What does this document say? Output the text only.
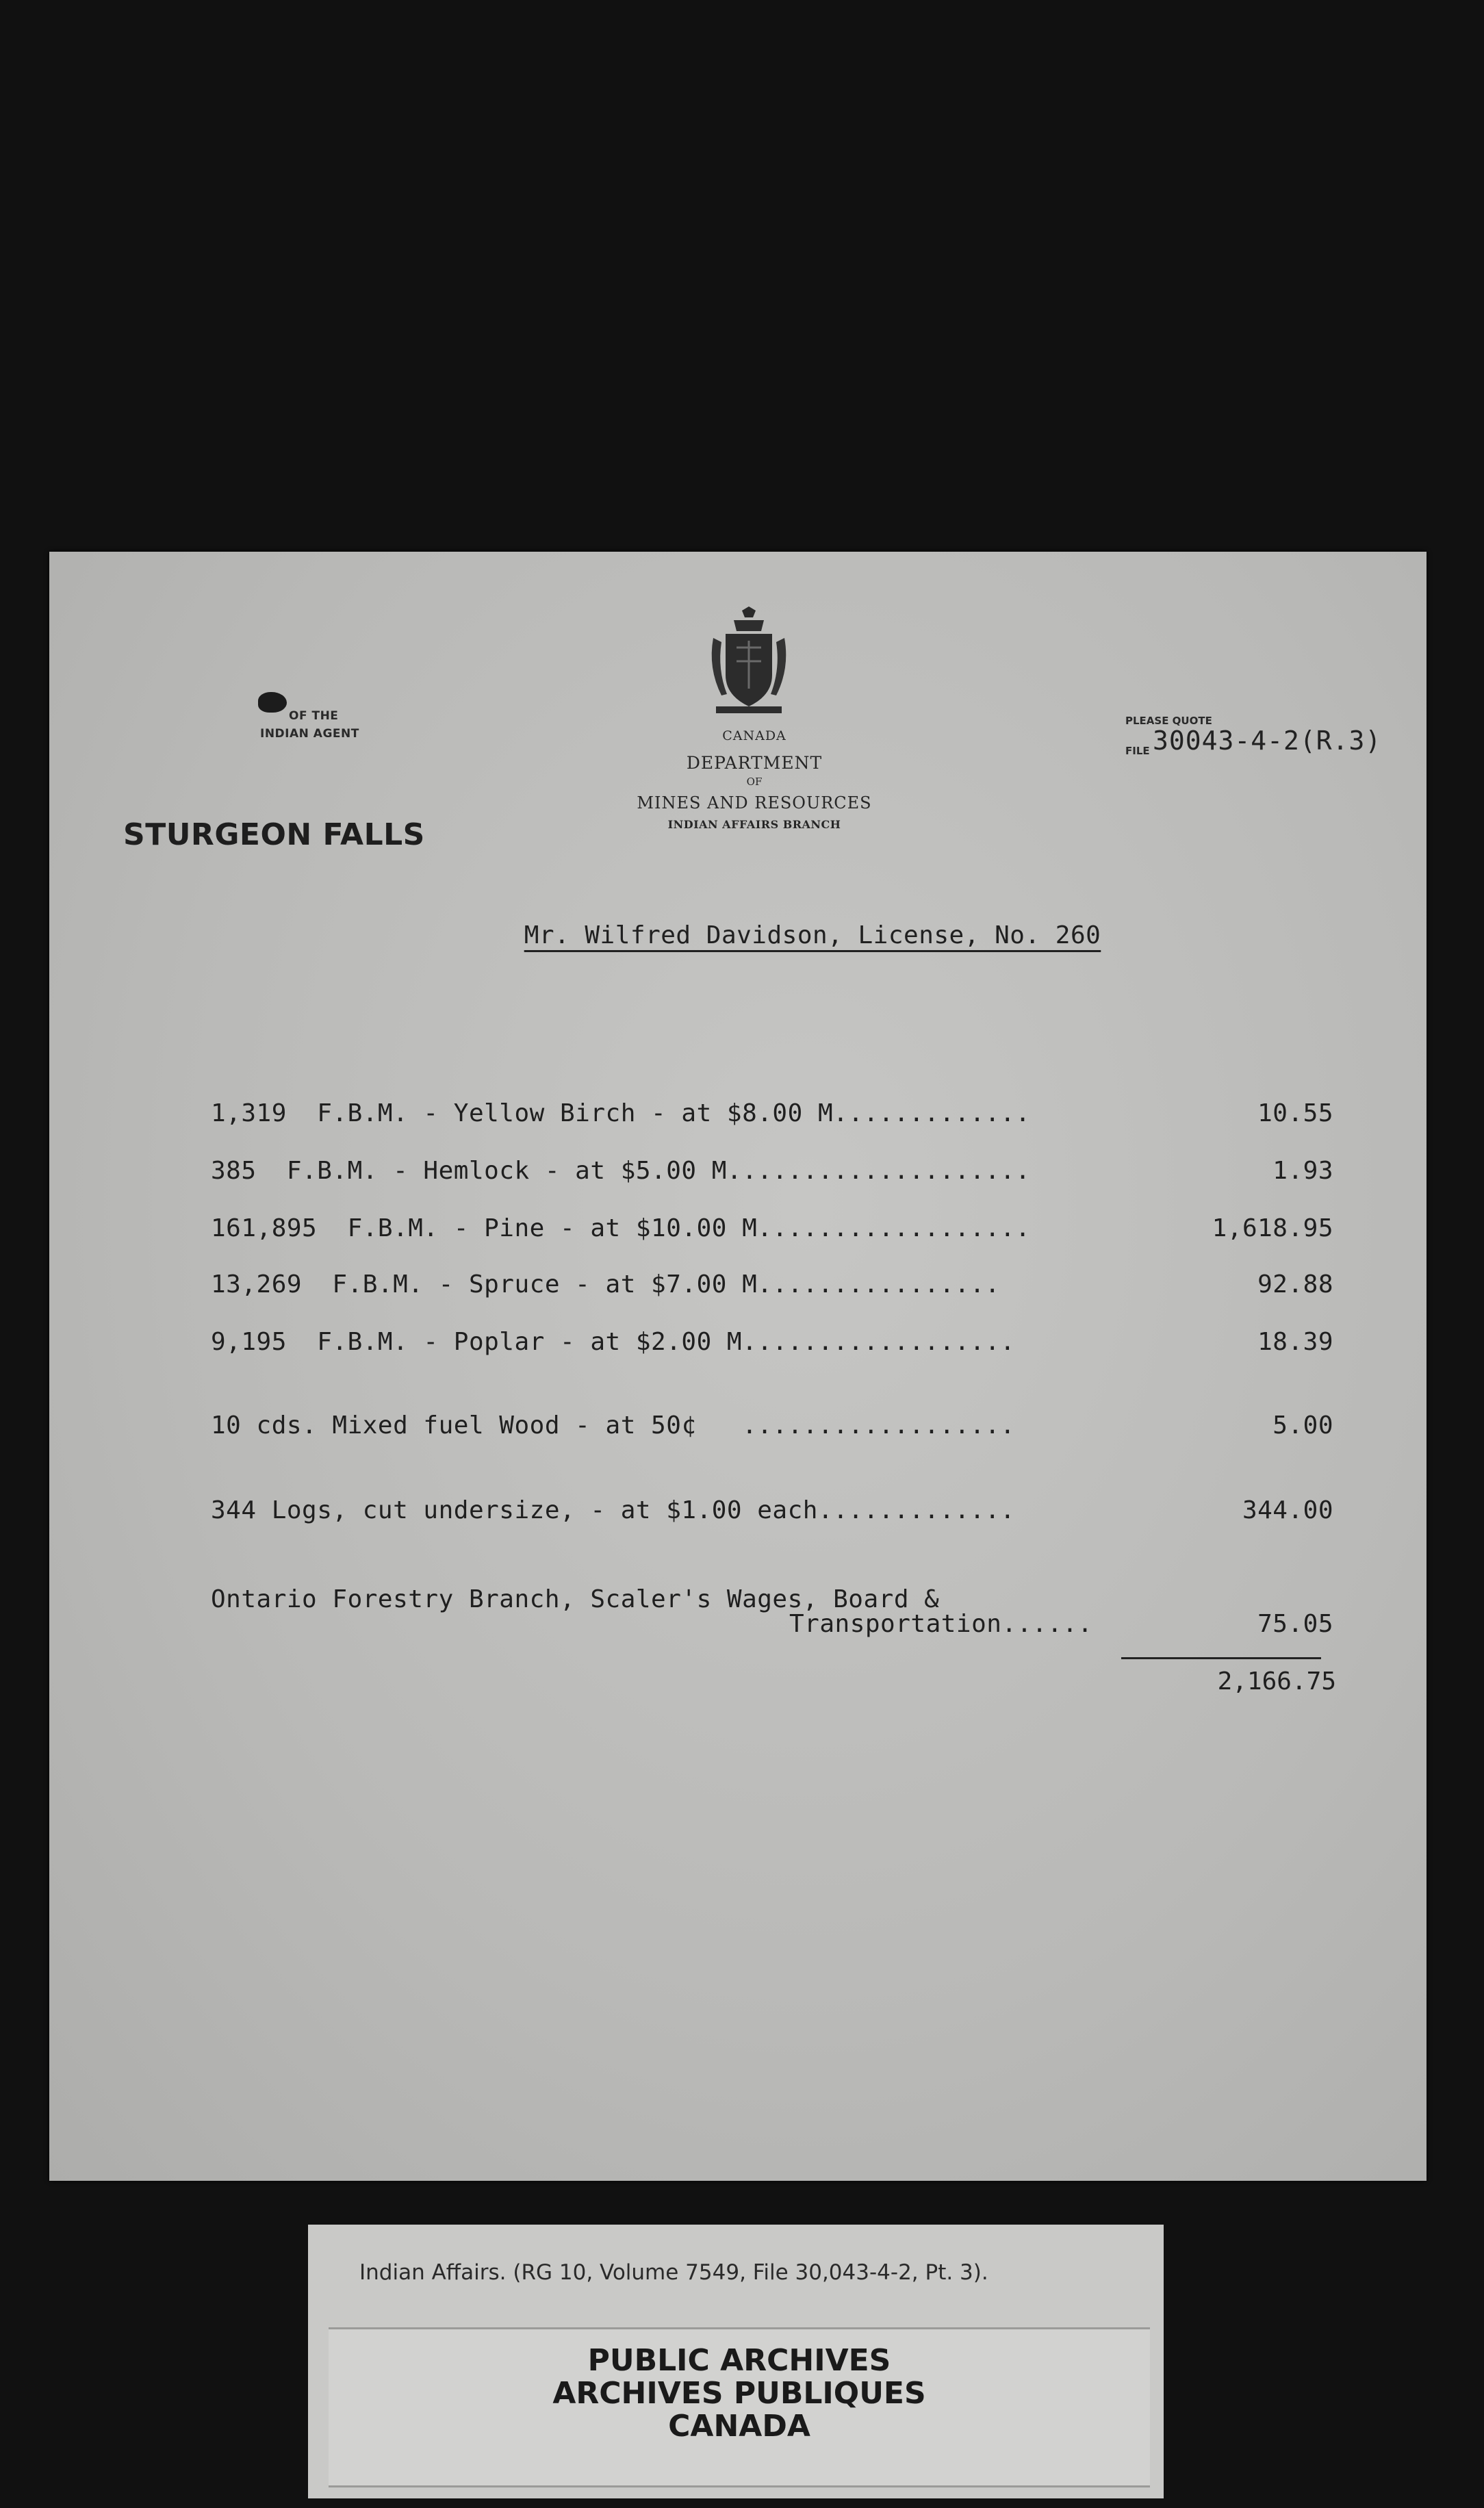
OF THE
INDIAN AGENT
STURGEON FALLS
CANADA
DEPARTMENT
OF
MINES AND RESOURCES
INDIAN AFFAIRS BRANCH
PLEASE QUOTE
FILE 30043-4-2(R.3)
Mr. Wilfred Davidson, License, No. 260
1,319  F.B.M. - Yellow Birch - at $8.00 M.............	10.55
385  F.B.M. - Hemlock - at $5.00 M....................	1.93
161,895  F.B.M. - Pine - at $10.00 M..................	1,618.95
13,269  F.B.M. - Spruce - at $7.00 M................	92.88
9,195  F.B.M. - Poplar - at $2.00 M..................	18.39
10 cds. Mixed fuel Wood - at 50¢   ..................	5.00
344 Logs, cut undersize, - at $1.00 each.............	344.00
Ontario Forestry Branch, Scaler's Wages, Board &
Transportation......	75.05
2,166.75
Indian Affairs. (RG 10, Volume 7549, File 30,043-4-2, Pt. 3).
PUBLIC ARCHIVES
ARCHIVES PUBLIQUES
CANADA
